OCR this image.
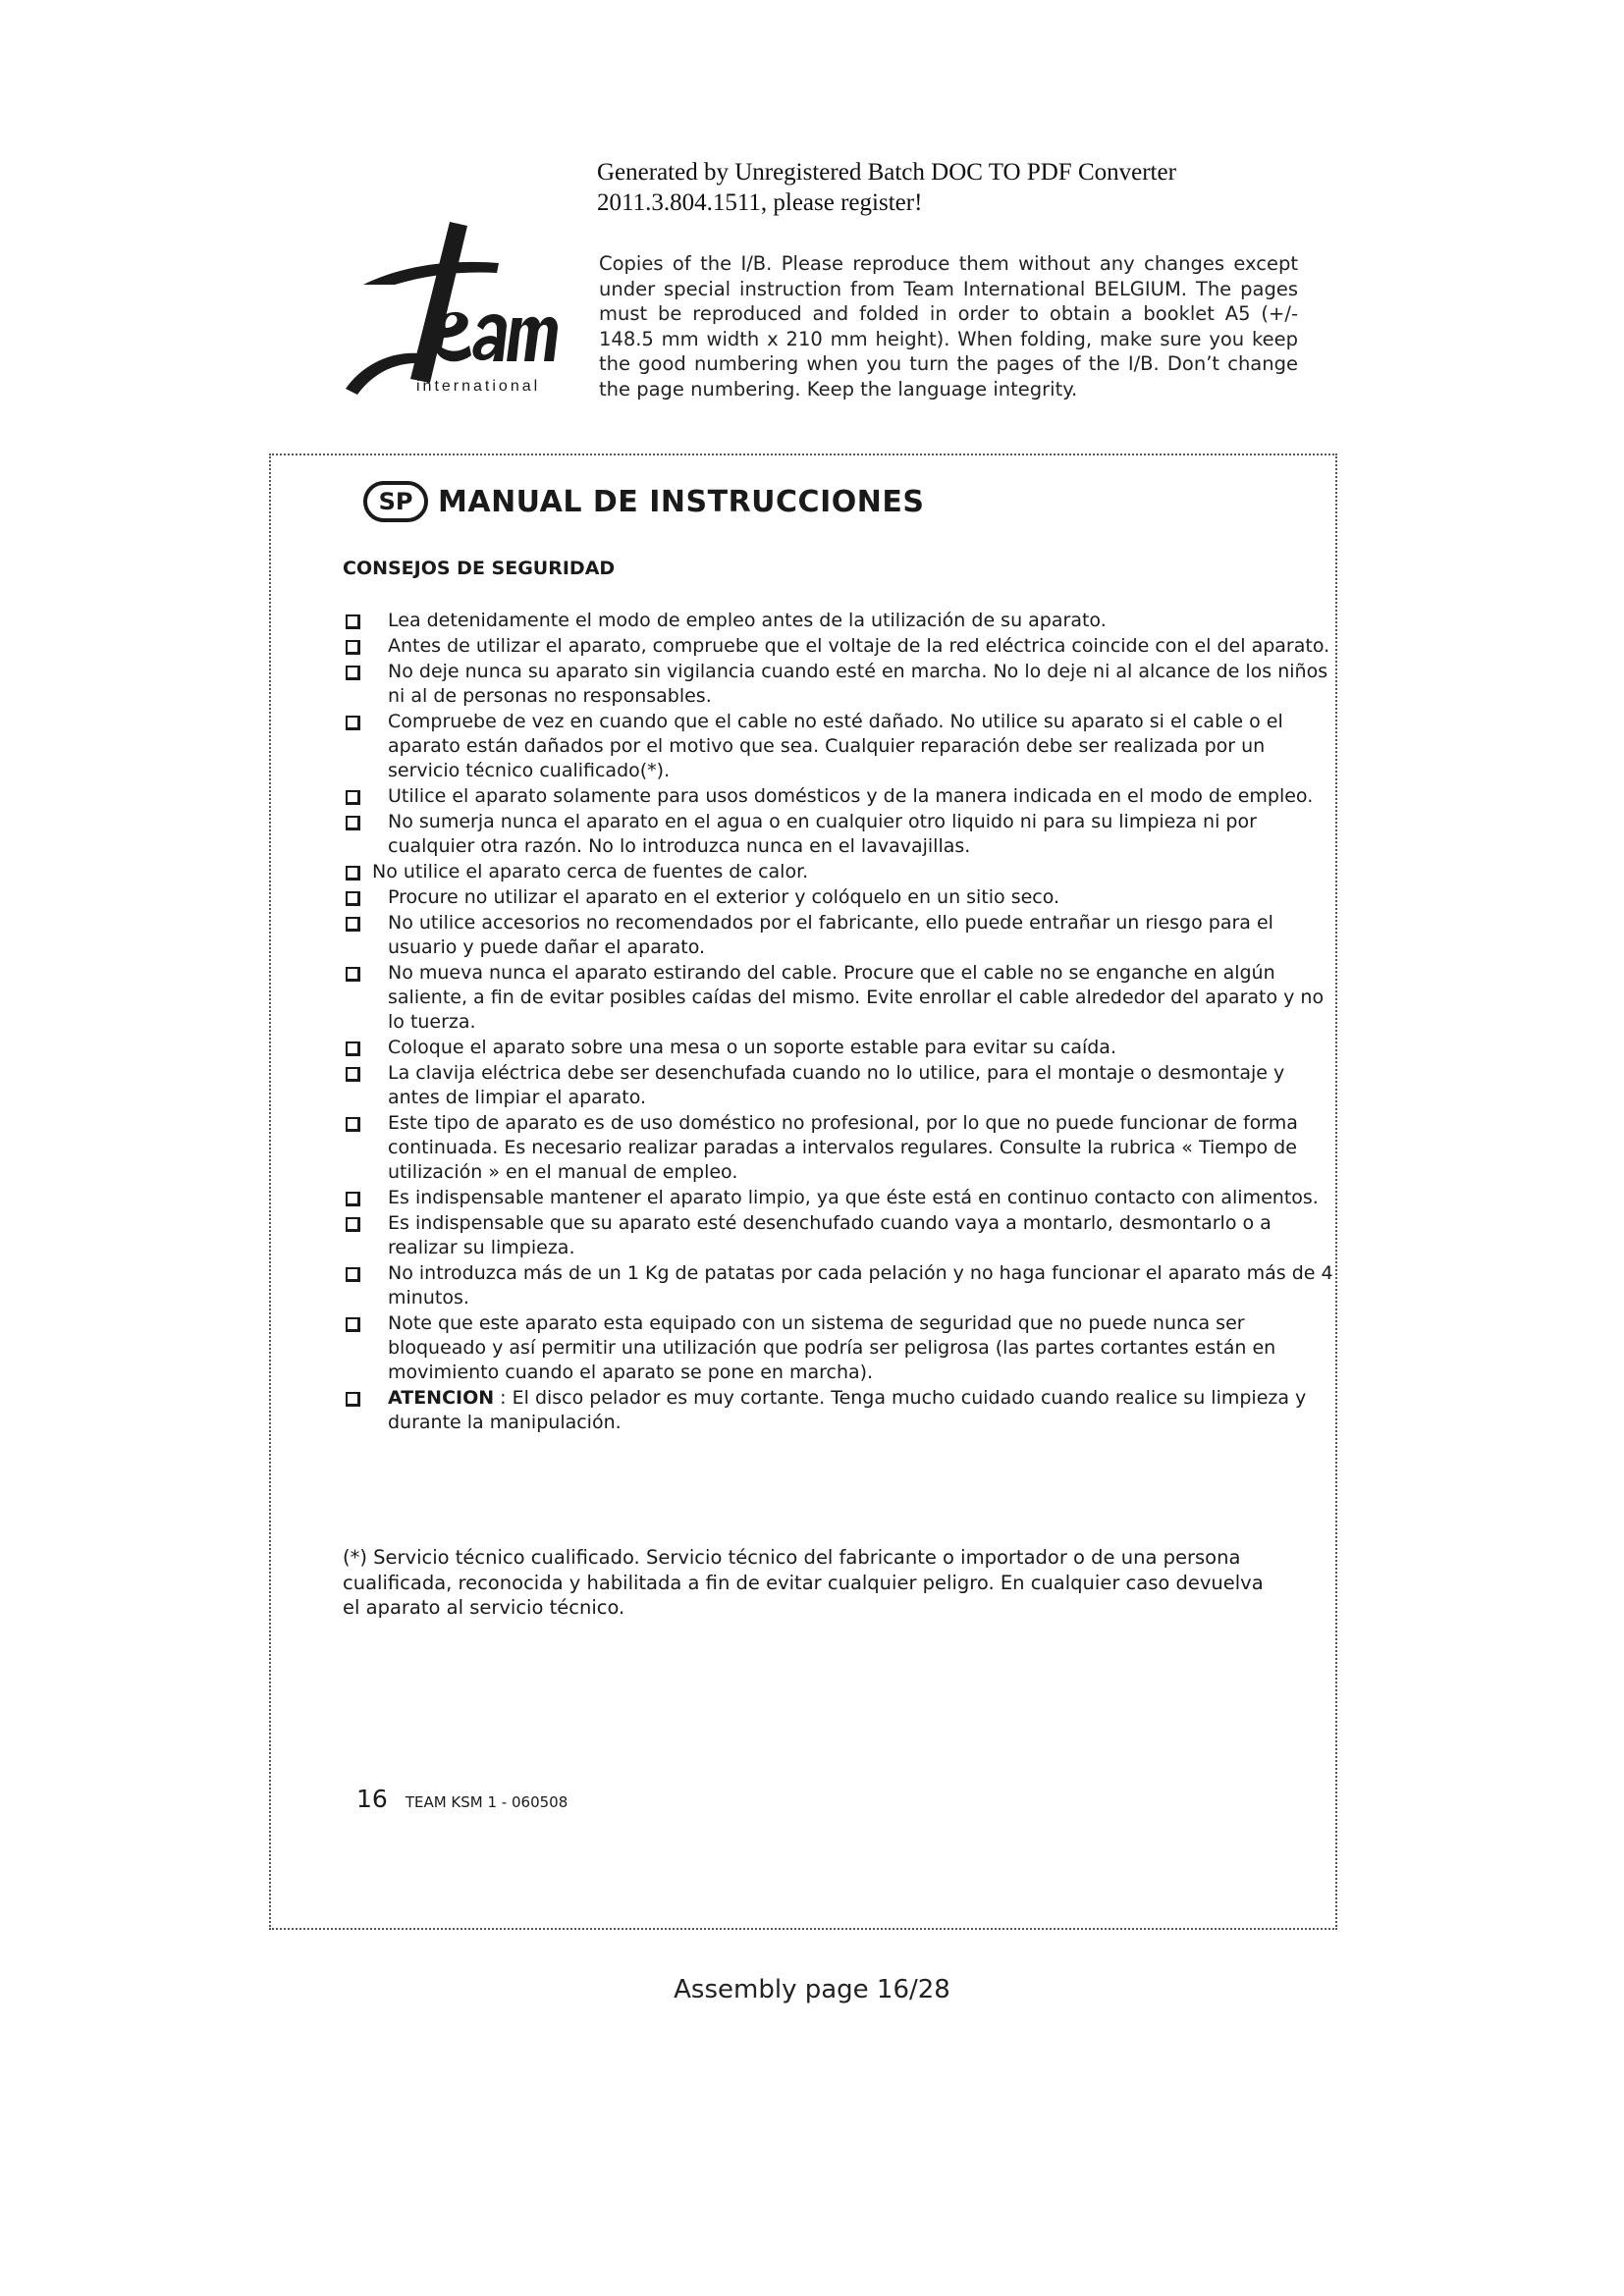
Generated by Unregistered Batch DOC TO PDF Converter
2011.3.804.1511, please register!
international
Copies of the I/B. Please reproduce them without any changes except under special instruction from Team International BELGIUM. The pages must be reproduced and folded in order to obtain a booklet A5 (+/- 148.5 mm width x 210 mm height). When folding, make sure you keep the good numbering when you turn the pages of the I/B. Don’t change the page numbering. Keep the language integrity.
SP MANUAL DE INSTRUCCIONES
CONSEJOS DE SEGURIDAD
Lea detenidamente el modo de empleo antes de la utilización de su aparato.
Antes de utilizar el aparato, compruebe que el voltaje de la red eléctrica coincide con el del aparato.
No deje nunca su aparato sin vigilancia cuando esté en marcha. No lo deje ni al alcance de los niños ni al de personas no responsables.
Compruebe de vez en cuando que el cable no esté dañado. No utilice su aparato si el cable o el aparato están dañados por el motivo que sea. Cualquier reparación debe ser realizada por un servicio técnico cualificado(*).
Utilice el aparato solamente para usos domésticos y de la manera indicada en el modo de empleo.
No sumerja nunca el aparato en el agua o en cualquier otro liquido ni para su limpieza ni por cualquier otra razón. No lo introduzca nunca en el lavavajillas.
No utilice el aparato cerca de fuentes de calor.
Procure no utilizar el aparato en el exterior y colóquelo en un sitio seco.
No utilice accesorios no recomendados por el fabricante, ello puede entrañar un riesgo para el usuario y puede dañar el aparato.
No mueva nunca el aparato estirando del cable. Procure que el cable no se enganche en algún saliente, a fin de evitar posibles caídas del mismo. Evite enrollar el cable alrededor del aparato y no lo tuerza.
Coloque el aparato sobre una mesa o un soporte estable para evitar su caída.
La clavija eléctrica debe ser desenchufada cuando no lo utilice, para el montaje o desmontaje y antes de limpiar el aparato.
Este tipo de aparato es de uso doméstico no profesional, por lo que no puede funcionar de forma continuada. Es necesario realizar paradas a intervalos regulares. Consulte la rubrica « Tiempo de utilización » en el manual de empleo.
Es indispensable mantener el aparato limpio, ya que éste está en continuo contacto con alimentos.
Es indispensable que su aparato esté desenchufado cuando vaya a montarlo, desmontarlo o a realizar su limpieza.
No introduzca más de un 1 Kg de patatas por cada pelación y no haga funcionar el aparato más de 4 minutos.
Note que este aparato esta equipado con un sistema de seguridad que no puede nunca ser bloqueado y así permitir una utilización que podría ser peligrosa (las partes cortantes están en movimiento cuando el aparato se pone en marcha).
ATENCION : El disco pelador es muy cortante. Tenga mucho cuidado cuando realice su limpieza y durante la manipulación.
(*) Servicio técnico cualificado. Servicio técnico del fabricante o importador o de una persona cualificada, reconocida y habilitada a fin de evitar cualquier peligro. En cualquier caso devuelva el aparato al servicio técnico.
16 TEAM KSM 1 - 060508
Assembly page 16/28
